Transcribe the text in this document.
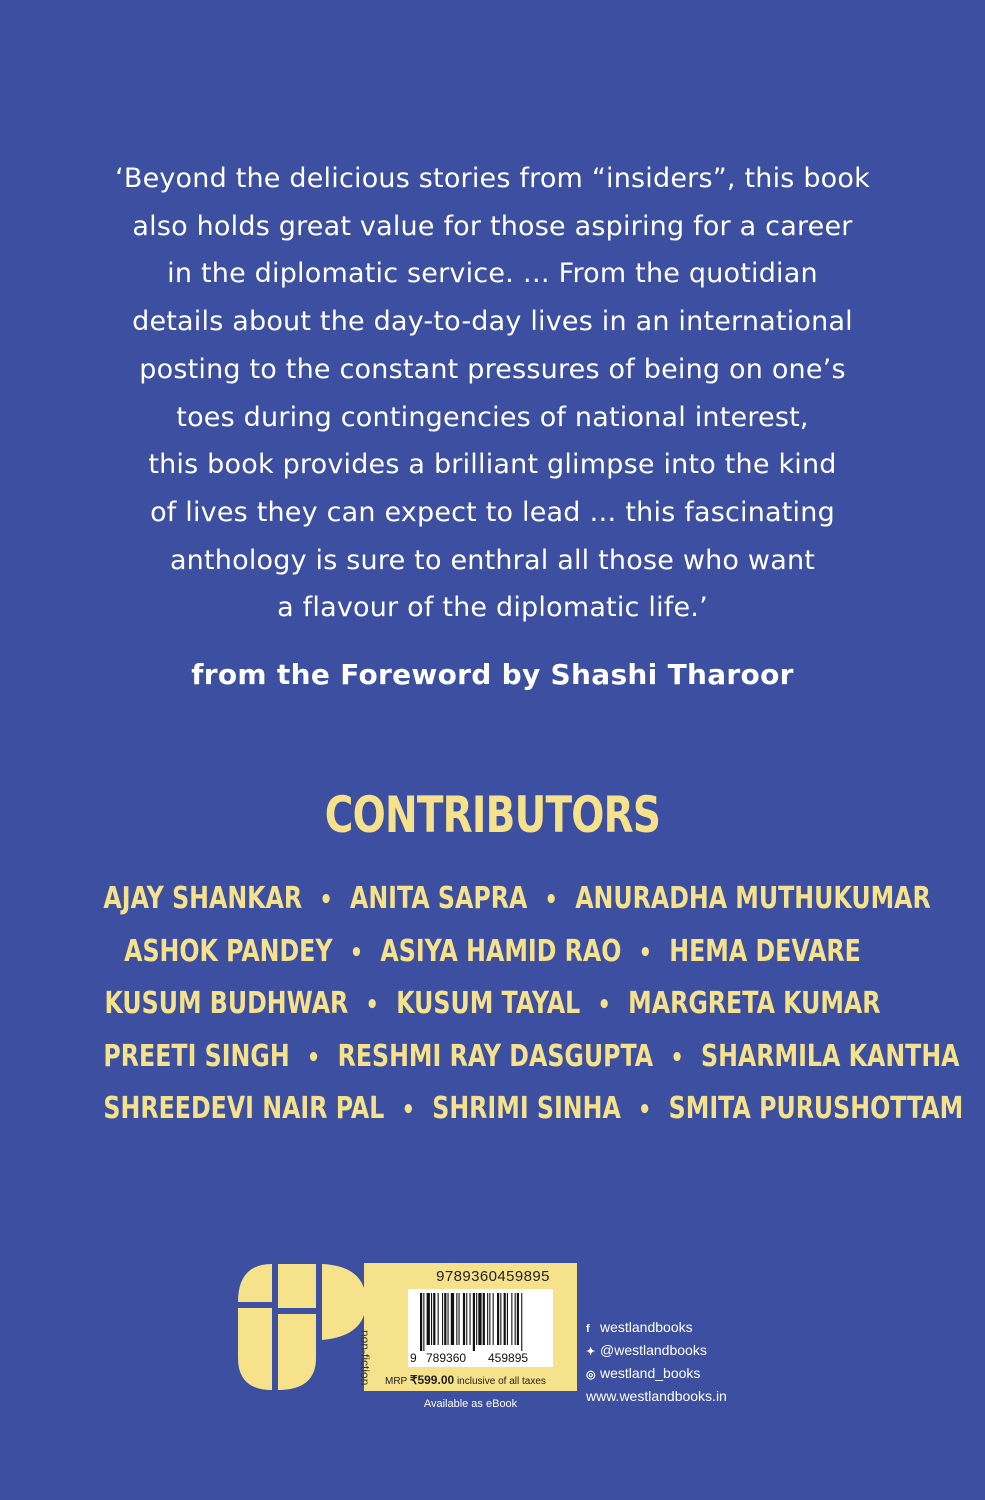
‘Beyond the delicious stories from “insiders”, this book
also holds great value for those aspiring for a career
in the diplomatic service. … From the quotidian
details about the day-to-day lives in an international
posting to the constant pressures of being on one’s
toes during contingencies of national interest,
this book provides a brilliant glimpse into the kind
of lives they can expect to lead … this fascinating
anthology is sure to enthral all those who want
a flavour of the diplomatic life.’
from the Foreword by Shashi Tharoor
CONTRIBUTORS
AJAY SHANKAR • ANITA SAPRA • ANURADHA MUTHUKUMAR
ASHOK PANDEY • ASIYA HAMID RAO • HEMA DEVARE
KUSUM BUDHWAR • KUSUM TAYAL • MARGRETA KUMAR
PREETI SINGH • RESHMI RAY DASGUPTA • SHARMILA KANTHA
SHREEDEVI NAIR PAL • SHRIMI SINHA • SMITA PURUSHOTTAM
9789360459895
non-fiction	9 789360 459895
MRP ₹599.00 inclusive of all taxes
Available as eBook
f westlandbooks
✦ @westlandbooks
◎ westland_books
www.westlandbooks.in
